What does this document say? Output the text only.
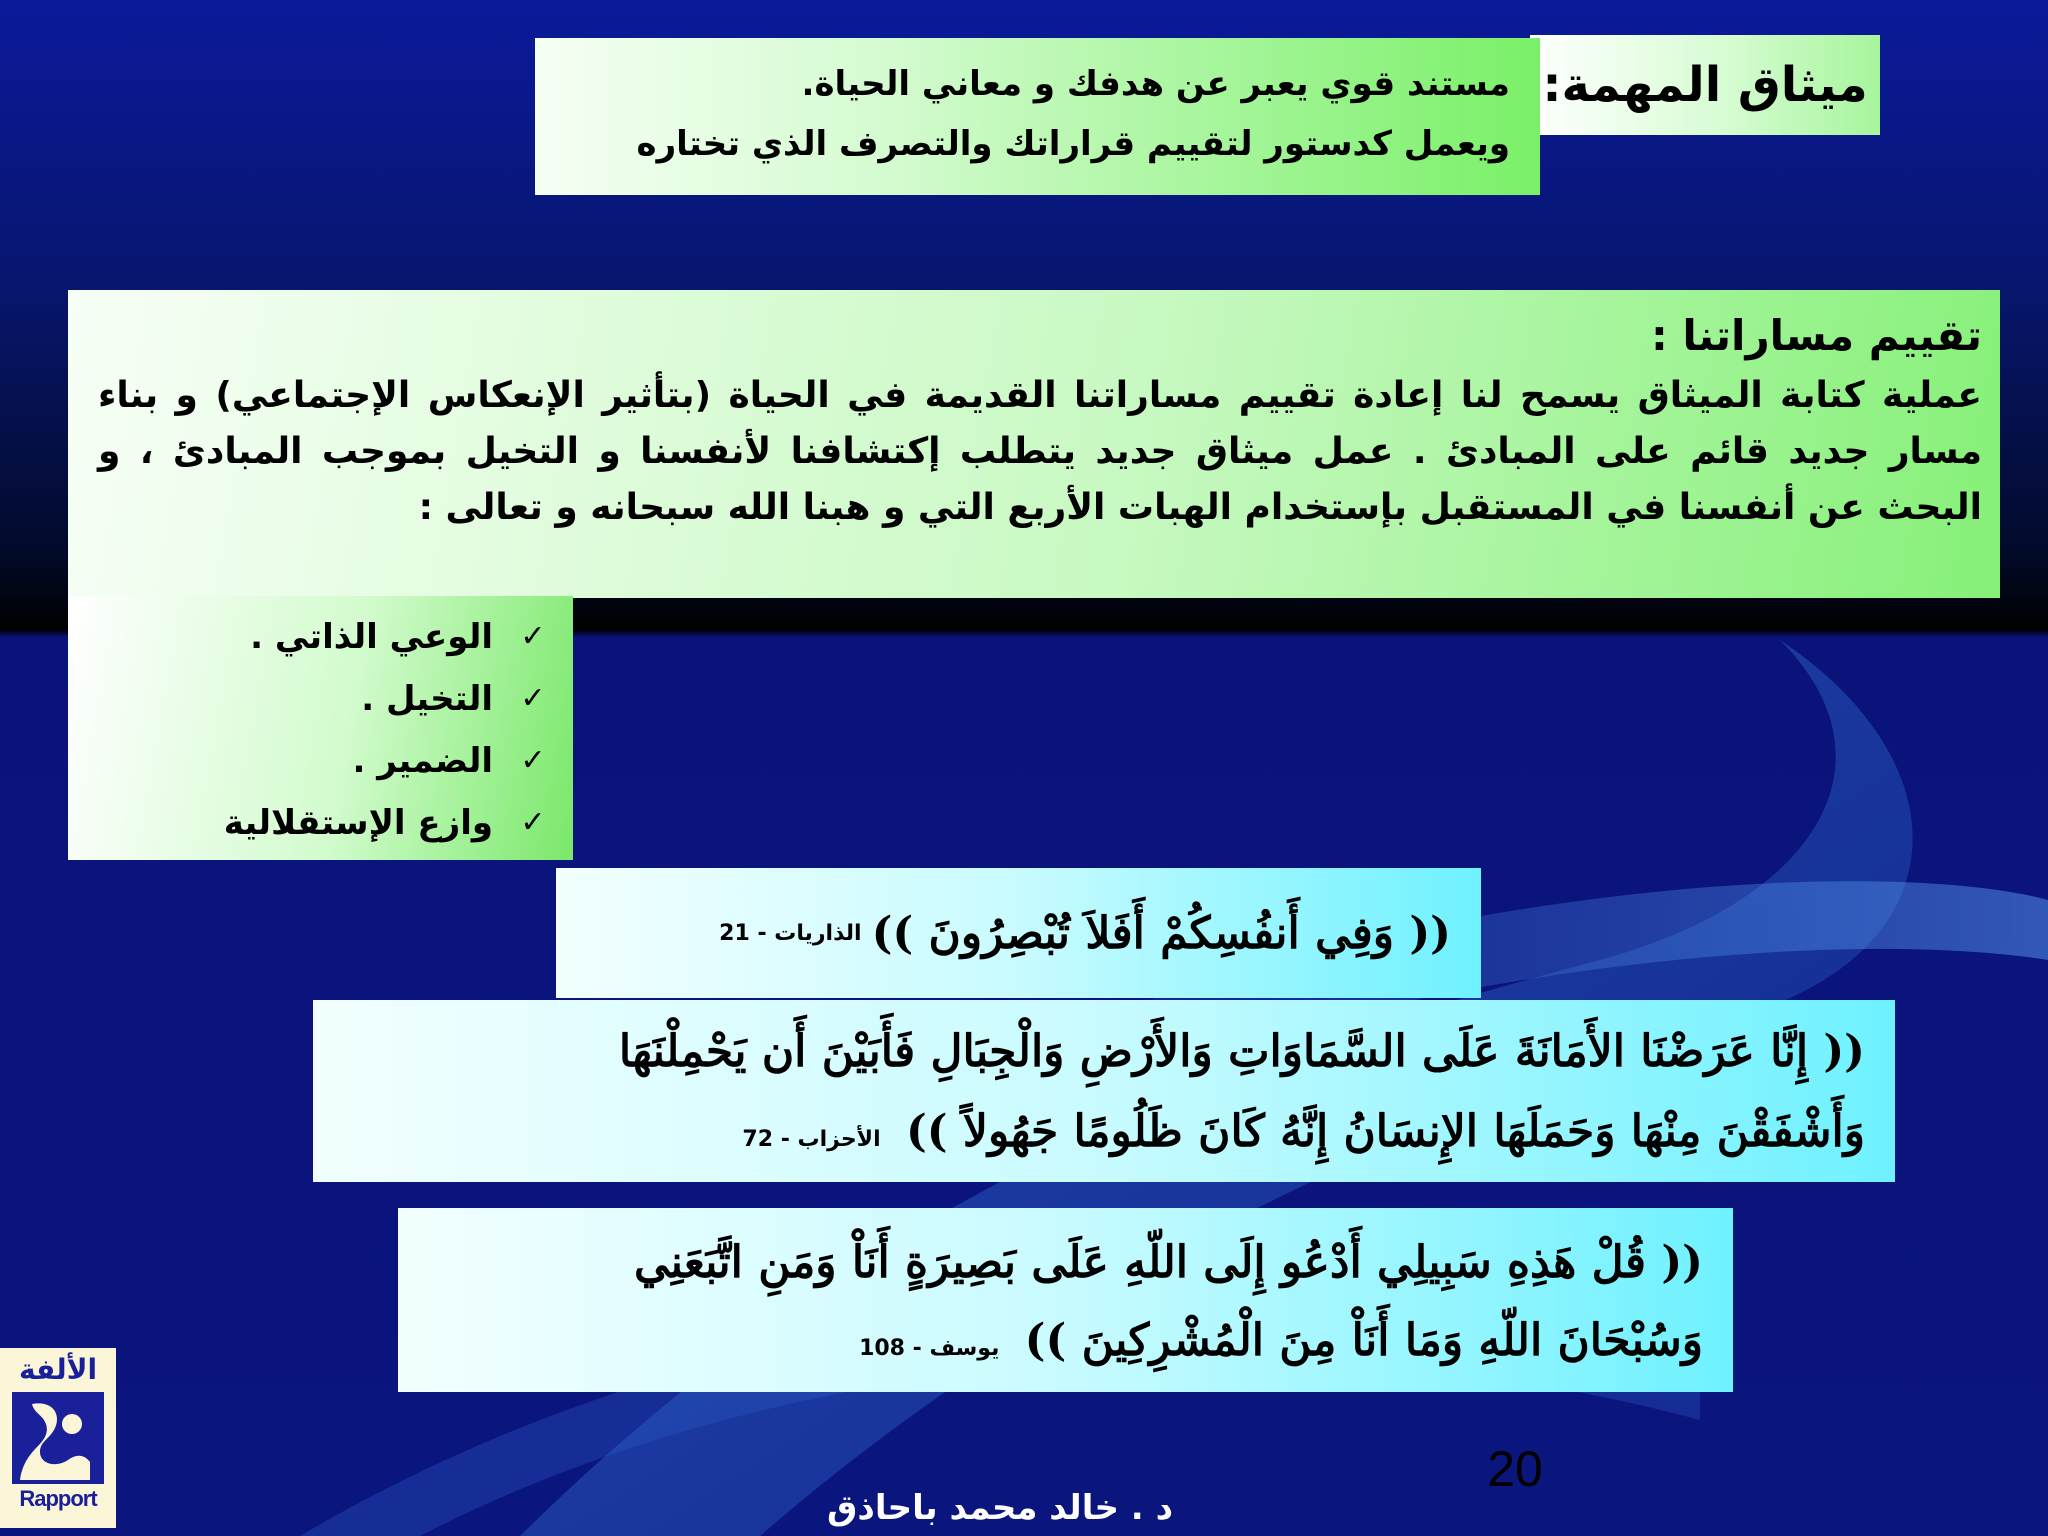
ميثاق المهمة:
مستند قوي يعبر عن هدفك و معاني الحياة.
ويعمل كدستور لتقييم قراراتك والتصرف الذي تختاره
تقييم مساراتنا :
عملية كتابة الميثاق يسمح لنا إعادة تقييم مساراتنا القديمة في الحياة (بتأثير الإنعكاس الإجتماعي) و بناء مسار جديد قائم على المبادئ . عمل ميثاق جديد يتطلب إكتشافنا لأنفسنا و التخيل بموجب المبادئ ، و البحث عن أنفسنا في المستقبل بإستخدام الهبات الأربع التي و هبنا الله سبحانه و تعالى :
✓
الوعي الذاتي .
✓
التخيل .
✓
الضمير .
✓
وازع الإستقلالية
(( وَفِي أَنفُسِكُمْ أَفَلاَ تُبْصِرُونَ ))
الذاريات - 21
(( إِنَّا عَرَضْنَا الأَمَانَةَ عَلَى السَّمَاوَاتِ وَالأَرْضِ وَالْجِبَالِ فَأَبَيْنَ أَن يَحْمِلْنَهَا
وَأَشْفَقْنَ مِنْهَا وَحَمَلَهَا الإِنسَانُ إِنَّهُ كَانَ ظَلُومًا جَهُولاً )) الأحزاب - 72
(( قُلْ هَذِهِ سَبِيلِي أَدْعُو إِلَى اللّهِ عَلَى بَصِيرَةٍ أَنَاْ وَمَنِ اتَّبَعَنِي
وَسُبْحَانَ اللّهِ وَمَا أَنَاْ مِنَ الْمُشْرِكِينَ )) يوسف - 108
20
د . خالد محمد باحاذق
الألفة
Rapport
